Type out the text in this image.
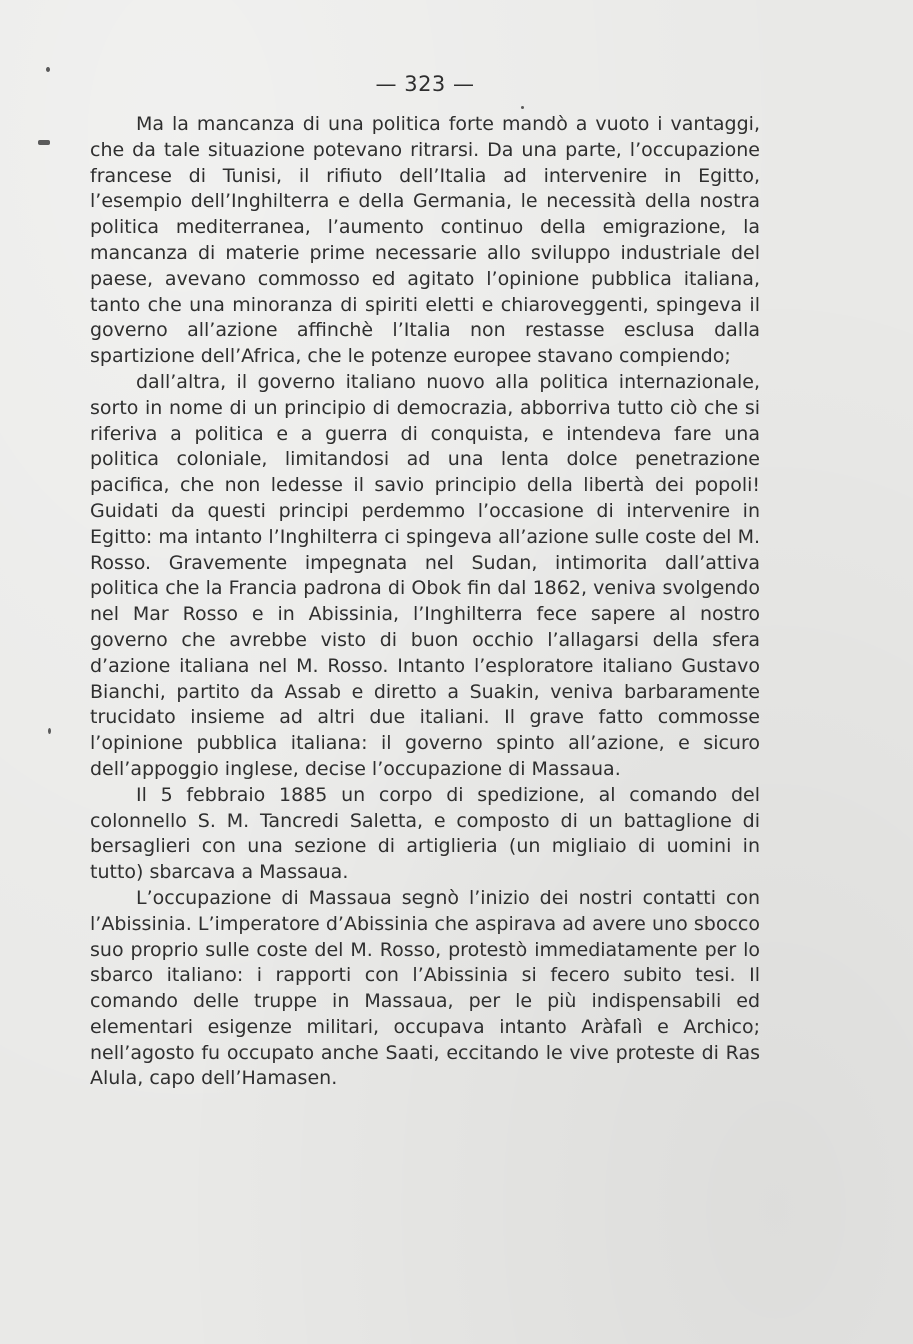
— 323 —

Ma la mancanza di una politica forte mandò a vuoto i vantaggi, che da tale situazione potevano ritrarsi. Da una parte, l’occupazione francese di Tunisi, il rifiuto dell’Italia ad intervenire in Egitto, l’esempio dell’Inghilterra e della Germania, le necessità della nostra politica mediterranea, l’aumento continuo della emigrazione, la mancanza di materie prime necessarie allo sviluppo industriale del paese, avevano commosso ed agitato l’opinione pubblica italiana, tanto che una minoranza di spiriti eletti e chiaroveggenti, spingeva il governo all’azione affinchè l’Italia non restasse esclusa dalla spartizione dell’Africa, che le potenze europee stavano compiendo;

dall’altra, il governo italiano nuovo alla politica internazionale, sorto in nome di un principio di democrazia, abborriva tutto ciò che si riferiva a politica e a guerra di conquista, e intendeva fare una politica coloniale, limitandosi ad una lenta dolce penetrazione pacifica, che non ledesse il savio principio della libertà dei popoli! Guidati da questi principi perdemmo l’occasione di intervenire in Egitto: ma intanto l’Inghilterra ci spingeva all’azione sulle coste del M. Rosso. Gravemente impegnata nel Sudan, intimorita dall’attiva politica che la Francia padrona di Obok fin dal 1862, veniva svolgendo nel Mar Rosso e in Abissinia, l’Inghilterra fece sapere al nostro governo che avrebbe visto di buon occhio l’allagarsi della sfera d’azione italiana nel M. Rosso. Intanto l’esploratore italiano Gustavo Bianchi, partito da Assab e diretto a Suakin, veniva barbaramente trucidato insieme ad altri due italiani. Il grave fatto commosse l’opinione pubblica italiana: il governo spinto all’azione, e sicuro dell’appoggio inglese, decise l’occupazione di Massaua.

Il 5 febbraio 1885 un corpo di spedizione, al comando del colonnello S. M. Tancredi Saletta, e composto di un battaglione di bersaglieri con una sezione di artiglieria (un migliaio di uomini in tutto) sbarcava a Massaua.

L’occupazione di Massaua segnò l’inizio dei nostri contatti con l’Abissinia. L’imperatore d’Abissinia che aspirava ad avere uno sbocco suo proprio sulle coste del M. Rosso, protestò immediatamente per lo sbarco italiano: i rapporti con l’Abissinia si fecero subito tesi. Il comando delle truppe in Massaua, per le più indispensabili ed elementari esigenze militari, occupava intanto Aràfalì e Archico; nell’agosto fu occupato anche Saati, eccitando le vive proteste di Ras Alula, capo dell’Hamasen.
